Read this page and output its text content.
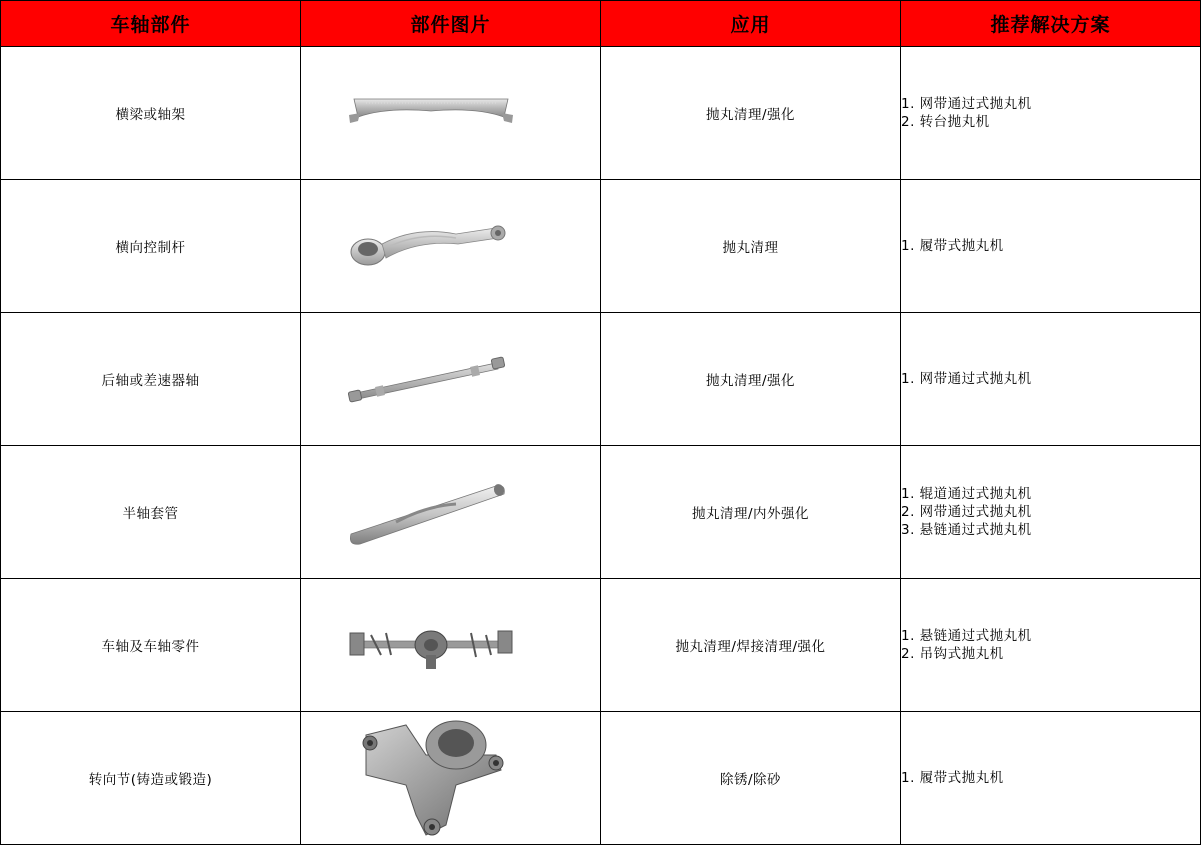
车轴部件	部件图片	应用	推荐解决方案
横梁或轴架		抛丸清理/强化	1. 网带通过式抛丸机
2. 转台抛丸机

横向控制杆		抛丸清理	1. 履带式抛丸机

后轴或差速器轴		抛丸清理/强化	1. 网带通过式抛丸机

半轴套管		抛丸清理/内外强化	1. 辊道通过式抛丸机
2. 网带通过式抛丸机
3. 悬链通过式抛丸机

车轴及车轴零件		抛丸清理/焊接清理/强化	1. 悬链通过式抛丸机
2. 吊钩式抛丸机

转向节(铸造或锻造)		除锈/除砂	1. 履带式抛丸机
